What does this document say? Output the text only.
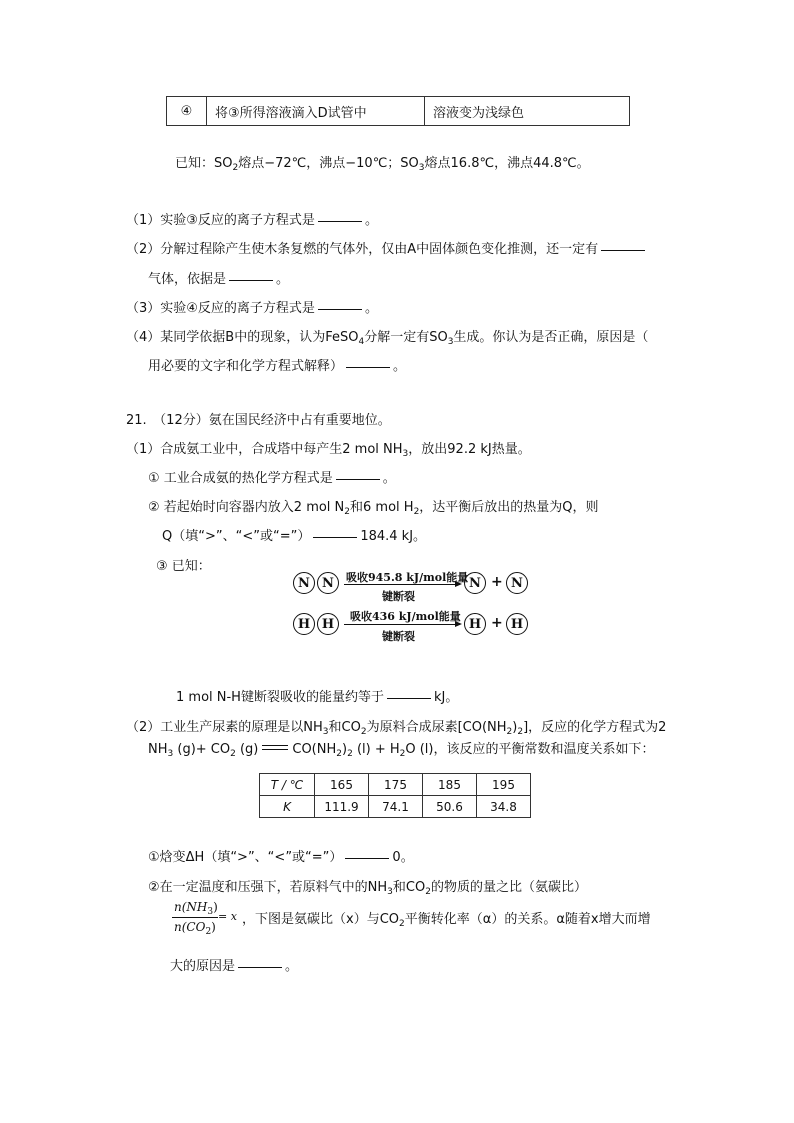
④	将③所得溶液滴入D试管中	溶液变为浅绿色
已知：$SO_2$熔点−72℃，沸点−10℃；$SO_3$熔点16.8℃，沸点44.8℃。
（1）实验③反应的离子方程式是	。
（2）分解过程除产生使木条复燃的气体外，仅由A中固体颜色变化推测，还一定有
气体，依据是	。
（3）实验④反应的离子方程式是	。
（4）某同学依据B中的现象，认为FeSO$_4$分解一定有$SO_3$生成。你认为是否正确，原因是（
用必要的文字和化学方程式解释）	。
21.　（12分）氨在国民经济中占有重要地位。
（1）合成氨工业中，合成塔中每产生2 mol $NH_3$，放出92.2 kJ热量。
① 工业合成氨的热化学方程式是	。
② 若起始时向容器内放入2 mol $N_2$和6 mol $H_2$，达平衡后放出的热量为Q，则
Q（填“>”、“<”或“=”）	184.4 kJ。
③ 已知：
N N	吸收945.8 kJ/mol能量
键断裂
N + N
H H	吸收436 kJ/mol能量
键断裂
H + H
1 mol N-H键断裂吸收的能量约等于	kJ。
（2）工业生产尿素的原理是以$NH_3$和$CO_2$为原料合成尿素$[CO(NH_2)_2]$，反应的化学方程式为2
$NH_3$ $(g)+ CO_2$ (g)	$CO(NH_2)_2$ $(l) + H_2O$ (l)，该反应的平衡常数和温度关系如下：
T / ℃	165	175	185	195
K	111.9	74.1	50.6	34.8
①焓变ΔH（填“>”、“<”或“=”）	0。
②在一定温度和压强下，若原料气中的$NH_3$和$CO_2$的物质的量之比（氨碳比）
$n(NH_3)$
$n(CO_2)$
= x ，下图是氨碳比（x）与$CO_2$平衡转化率（α）的关系。α随着x增大而增
大的原因是	。
